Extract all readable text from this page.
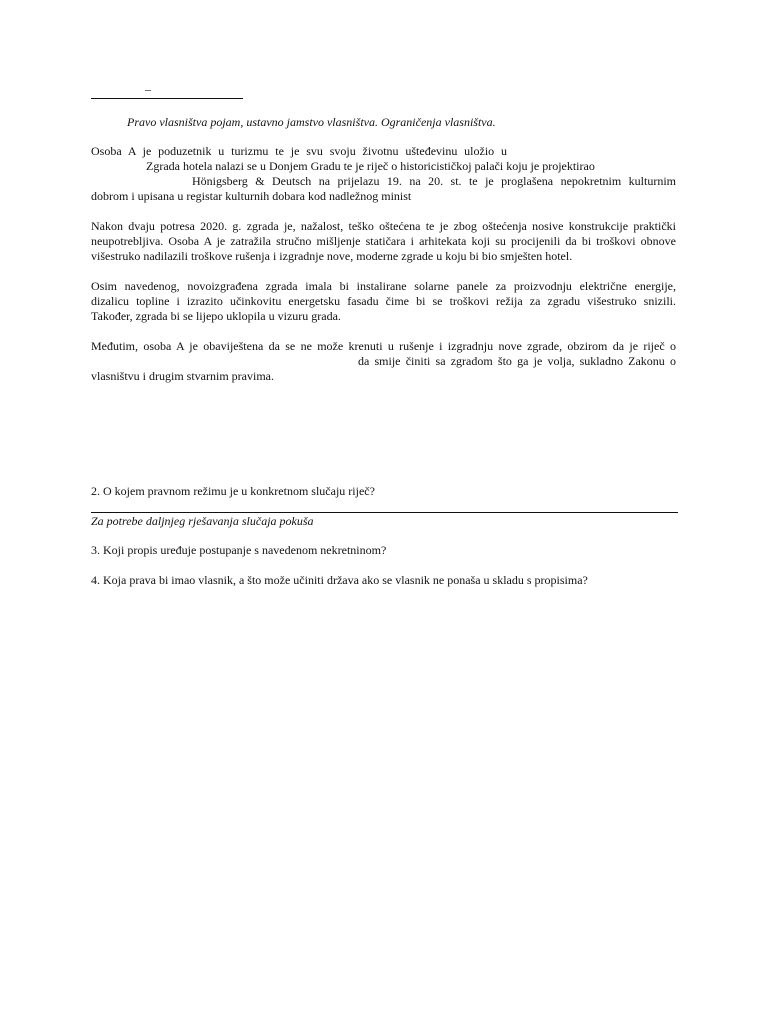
–
Pravo vlasništva pojam, ustavno jamstvo vlasništva. Ograničenja vlasništva.
Osoba A je poduzetnik u turizmu te je svu svoju životnu ušteđevinu uložio u
Zgrada hotela nalazi se u Donjem Gradu te je riječ o historicističkoj palači koju je projektirao
Hönigsberg & Deutsch na prijelazu 19. na 20. st. te je proglašena nepokretnim kulturnim
dobrom i upisana u registar kulturnih dobara kod nadležnog minist
Nakon dvaju potresa 2020. g. zgrada je, nažalost, teško oštećena te je zbog oštećenja nosive konstrukcije praktički
neupotrebljiva. Osoba A je zatražila stručno mišljenje statičara i arhitekata koji su procijenili da bi troškovi obnove
višestruko nadilazili troškove rušenja i izgradnje nove, moderne zgrade u koju bi bio smješten hotel.
Osim navedenog, novoizgrađena zgrada imala bi instalirane solarne panele za proizvodnju električne energije,
dizalicu topline i izrazito učinkovitu energetsku fasadu čime bi se troškovi režija za zgradu višestruko snizili.
Također, zgrada bi se lijepo uklopila u vizuru grada.
Međutim, osoba A je obaviještena da se ne može krenuti u rušenje i izgradnju nove zgrade, obzirom da je riječ o
da smije činiti sa zgradom što ga je volja, sukladno Zakonu o
vlasništvu i drugim stvarnim pravima.
2. O kojem pravnom režimu je u konkretnom slučaju riječ?
Za potrebe daljnjeg rješavanja slučaja pokuša
3. Koji propis uređuje postupanje s navedenom nekretninom?
4. Koja prava bi imao vlasnik, a što može učiniti država ako se vlasnik ne ponaša u skladu s propisima?
